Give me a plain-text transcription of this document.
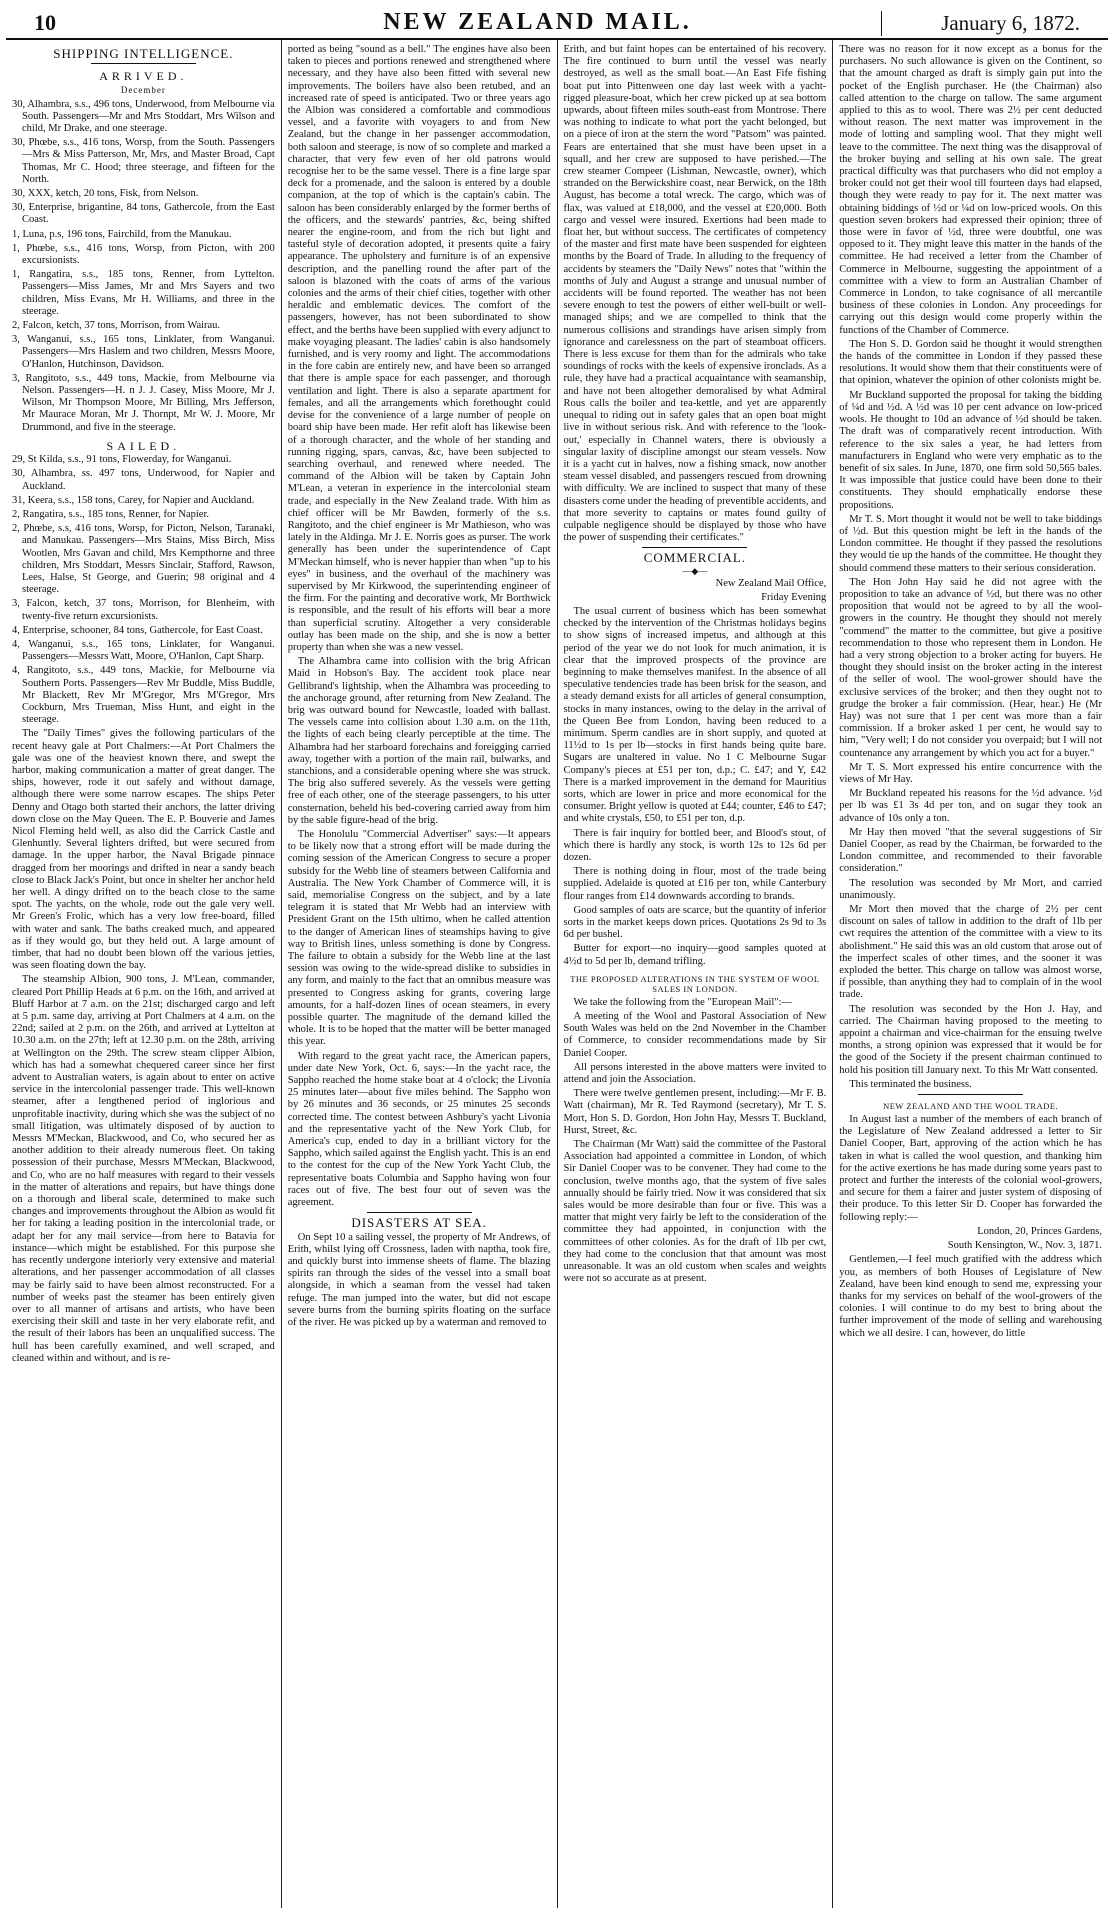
10	NEW ZEALAND MAIL.	January 6, 1872.
SHIPPING INTELLIGENCE.
ARRIVED.
December

30, Alhambra, s.s., 496 tons, Underwood, from Melbourne via South. Passengers—Mr and Mrs Stoddart, Mrs Wilson and child, Mr Drake, and one steerage.

30, Phœbe, s.s., 416 tons, Worsp, from the South. Passengers—Mrs & Miss Patterson, Mr, Mrs, and Master Broad, Capt Thomas, Mr C. Hood; three steerage, and fifteen for the North.

30, XXX, ketch, 20 tons, Fisk, from Nelson.

30, Enterprise, brigantine, 84 tons, Gathercole, from the East Coast.

1, Luna, p.s, 196 tons, Fairchild, from the Manukau.

1, Phœbe, s.s., 416 tons, Worsp, from Picton, with 200 excursionists.

1, Rangatira, s.s., 185 tons, Renner, from Lyttelton. Passengers—Miss James, Mr and Mrs Sayers and two children, Miss Evans, Mr H. Williams, and three in the steerage.

2, Falcon, ketch, 37 tons, Morrison, from Wairau.

3, Wanganui, s.s., 165 tons, Linklater, from Wanganui. Passengers—Mrs Haslem and two children, Messrs Moore, O'Hanlon, Hutchinson, Davidson.

3, Rangitoto, s.s., 449 tons, Mackie, from Melbourne via Nelson. Passengers—H. n J. J. Casey, Miss Moore, Mr J. Wilson, Mr Thompson Moore, Mr Billing, Mrs Jefferson, Mr Maurace Moran, Mr J. Thornpt, Mr W. J. Moore, Mr Drummond, and five in the steerage.

SAILED.

29, St Kilda, s.s., 91 tons, Flowerday, for Wanganui.

30, Alhambra, ss. 497 tons, Underwood, for Napier and Auckland.

31, Keera, s.s., 158 tons, Carey, for Napier and Auckland.

2, Rangatira, s.s., 185 tons, Renner, for Napier.

2, Phœbe, s.s, 416 tons, Worsp, for Picton, Nelson, Taranaki, and Manukau. Passengers—Mrs Stains, Miss Birch, Miss Wootlen, Mrs Gavan and child, Mrs Kempthorne and three children, Mrs Stoddart, Messrs Sinclair, Stafford, Rawson, Lees, Halse, St George, and Guerin; 98 original and 4 steerage.

3, Falcon, ketch, 37 tons, Morrison, for Blenheim, with twenty-five return excursionists.

4, Enterprise, schooner, 84 tons, Gathercole, for East Coast.

4, Wanganui, s.s., 165 tons, Linklater, for Wanganui. Passengers—Messrs Watt, Moore, O'Hanlon, Capt Sharp.

4, Rangitoto, s.s., 449 tons, Mackie, for Melbourne via Southern Ports. Passengers—Rev Mr Buddle, Miss Buddle, Mr Blackett, Rev Mr M'Gregor, Mrs M'Gregor, Mrs Cockburn, Mrs Trueman, Miss Hunt, and eight in the steerage.

The "Daily Times" gives the following particulars of the recent heavy gale at Port Chalmers:—At Port Chalmers the gale was one of the heaviest known there, and swept the harbor, making communication a matter of great danger. The ships, however, rode it out safely and without damage, although there were some narrow escapes. The ships Peter Denny and Otago both started their anchors, the latter driving down close on the May Queen. The E. P. Bouverie and James Nicol Fleming held well, as also did the Carrick Castle and Glenhuntly. Several lighters drifted, but were secured from damage. In the upper harbor, the Naval Brigade pinnace dragged from her moorings and drifted in near a sandy beach close to Black Jack's Point, but once in shelter her anchor held her well. A dingy drifted on to the beach close to the same spot. The yachts, on the whole, rode out the gale very well. Mr Green's Frolic, which has a very low free-board, filled with water and sank. The baths creaked much, and appeared as if they would go, but they held out. A large amount of timber, that had no doubt been blown off the various jetties, was seen floating down the bay.

The steamship Albion, 900 tons, J. M'Lean, commander, cleared Port Phillip Heads at 6 p.m. on the 16th, and arrived at Bluff Harbor at 7 a.m. on the 21st; discharged cargo and left at 5 p.m. same day, arriving at Port Chalmers at 4 a.m. on the 22nd; sailed at 2 p.m. on the 26th, and arrived at Lyttelton at 10.30 a.m. on the 27th; left at 12.30 p.m. on the 28th, arriving at Wellington on the 29th. The screw steam clipper Albion, which has had a somewhat chequered career since her first advent to Australian waters, is again about to enter on active service in the intercolonial passenger trade. This well-known steamer, after a lengthened period of inglorious and unprofitable inactivity, during which she was the subject of no small litigation, was ultimately disposed of by auction to Messrs M'Meckan, Blackwood, and Co, who secured her as another addition to their already numerous fleet. On taking possession of their purchase, Messrs M'Meckan, Blackwood, and Co, who are no half measures with regard to their vessels in the matter of alterations and repairs, but have things done on a thorough and liberal scale, determined to make such changes and improvements throughout the Albion as would fit her for taking a leading position in the intercolonial trade, or adapt her for any mail service—from here to Batavia for instance—which might be established. For this purpose she has recently undergone interiorly very extensive and material alterations, and her passenger accommodation of all classes may be fairly said to have been almost reconstructed. For a number of weeks past the steamer has been entirely given over to all manner of artisans and artists, who have been exercising their skill and taste in her very elaborate refit, and the result of their labors has been an unqualified success. The hull has been carefully examined, and well scraped, and cleaned within and without, and is re-

ported as being "sound as a bell." The engines have also been taken to pieces and portions renewed and strengthened where necessary, and they have also been fitted with several new improvements. The boilers have also been retubed, and an increased rate of speed is anticipated. Two or three years ago the Albion was considered a comfortable and commodious vessel, and a favorite with voyagers to and from New Zealand, but the change in her passenger accommodation, both saloon and steerage, is now of so complete and marked a character, that very few even of her old patrons would recognise her to be the same vessel. There is a fine large spar deck for a promenade, and the saloon is entered by a double companion, at the top of which is the captain's cabin. The saloon has been considerably enlarged by the former berths of the officers, and the stewards' pantries, &c, being shifted nearer the engine-room, and from the rich but light and tasteful style of decoration adopted, it presents quite a fairy appearance. The upholstery and furniture is of an expensive description, and the panelling round the after part of the saloon is blazoned with the coats of arms of the various colonies and the arms of their chief cities, together with other heraldic and emblematic devices. The comfort of the passengers, however, has not been subordinated to show effect, and the berths have been supplied with every adjunct to make voyaging pleasant. The ladies' cabin is also handsomely furnished, and is very roomy and light. The accommodations in the fore cabin are entirely new, and have been so arranged that there is ample space for each passenger, and thorough ventilation and light. There is also a separate apartment for females, and all the arrangements which forethought could devise for the convenience of a large number of people on board ship have been made. Her refit aloft has likewise been of a thorough character, and the whole of her standing and running rigging, spars, canvas, &c, have been subjected to searching overhaul, and renewed where needed. The command of the Albion will be taken by Captain John M'Lean, a veteran in experience in the intercolonial steam trade, and especially in the New Zealand trade. With him as chief officer will be Mr Bawden, formerly of the s.s. Rangitoto, and the chief engineer is Mr Mathieson, who was lately in the Aldinga. Mr J. E. Norris goes as purser. The work generally has been under the superintendence of Capt M'Meckan himself, who is never happier than when "up to his eyes" in business, and the overhaul of the machinery was supervised by Mr Kirkwood, the superintending engineer of the firm. For the painting and decorative work, Mr Borthwick is responsible, and the result of his efforts will bear a more than superficial scrutiny. Altogether a very considerable outlay has been made on the ship, and she is now a better property than when she was a new vessel.

The Alhambra came into collision with the brig African Maid in Hobson's Bay. The accident took place near Gellibrand's lightship, when the Alhambra was proceeding to the anchorage ground, after returning from New Zealand. The brig was outward bound for Newcastle, loaded with ballast. The vessels came into collision about 1.30 a.m. on the 11th, the lights of each being clearly perceptible at the time. The Alhambra had her starboard forechains and foreigging carried away, together with a portion of the main rail, bulwarks, and stanchions, and a considerable opening where she was struck. The brig also suffered severely. As the vessels were getting free of each other, one of the steerage passengers, to his utter consternation, beheld his bed-covering carried away from him by the sable figure-head of the brig.

The Honolulu "Commercial Advertiser" says:—It appears to be likely now that a strong effort will be made during the coming session of the American Congress to secure a proper subsidy for the Webb line of steamers between California and Australia. The New York Chamber of Commerce will, it is said, memorialise Congress on the subject, and by a late telegram it is stated that Mr Webb had an interview with President Grant on the 15th ultimo, when he called attention to the danger of American lines of steamships having to give way to British lines, unless something is done by Congress. The failure to obtain a subsidy for the Webb line at the last session was owing to the wide-spread dislike to subsidies in any form, and mainly to the fact that an omnibus measure was presented to Congress asking for grants, covering large amounts, for a half-dozen lines of ocean steamers, in every possible quarter. The magnitude of the demand killed the whole. It is to be hoped that the matter will be better managed this year.

With regard to the great yacht race, the American papers, under date New York, Oct. 6, says:—In the yacht race, the Sappho reached the home stake boat at 4 o'clock; the Livonia 25 minutes later—about five miles behind. The Sappho won by 26 minutes and 36 seconds, or 25 minutes 25 seconds corrected time. The contest between Ashbury's yacht Livonia and the representative yacht of the New York Club, for America's cup, ended to day in a brilliant victory for the Sappho, which sailed against the English yacht. This is an end to the contest for the cup of the New York Yacht Club, the representative boats Columbia and Sappho having won four races out of five. The best four out of seven was the agreement.

DISASTERS AT SEA.

On Sept 10 a sailing vessel, the property of Mr Andrews, of Erith, whilst lying off Crossness, laden with naptha, took fire, and quickly burst into immense sheets of flame. The blazing spirits ran through the sides of the vessel into a small boat alongside, in which a seaman from the vessel had taken refuge. The man jumped into the water, but did not escape severe burns from the burning spirits floating on the surface of the river. He was picked up by a waterman and removed to

Erith, and but faint hopes can be entertained of his recovery. The fire continued to burn until the vessel was nearly destroyed, as well as the small boat.—An East Fife fishing boat put into Pittenween one day last week with a yacht-rigged pleasure-boat, which her crew picked up at sea bottom upwards, about fifteen miles south-east from Montrose. There was nothing to indicate to what port the yacht belonged, but on a piece of iron at the stern the word "Patsom" was painted. Fears are entertained that she must have been upset in a squall, and her crew are supposed to have perished.—The crew steamer Compeer (Lishman, Newcastle, owner), which stranded on the Berwickshire coast, near Berwick, on the 18th August, has become a total wreck. The cargo, which was of flax, was valued at £18,000, and the vessel at £20,000. Both cargo and vessel were insured. Exertions had been made to float her, but without success. The certificates of competency of the master and first mate have been suspended for eighteen months by the Board of Trade. In alluding to the frequency of accidents by steamers the "Daily News" notes that "within the months of July and August a strange and unusual number of accidents will be found reported. The weather has not been severe enough to test the powers of either well-built or well-managed ships; and we are compelled to think that the numerous collisions and strandings have arisen simply from ignorance and carelessness on the part of steamboat officers. There is less excuse for them than for the admirals who take soundings of rocks with the keels of expensive ironclads. As a rule, they have had a practical acquaintance with seamanship, and have not been altogether demoralised by what Admiral Rous calls the boiler and tea-kettle, and yet are apparently unequal to riding out in safety gales that an open boat might live in without serious risk. And with reference to the 'look-out,' especially in Channel waters, there is obviously a singular laxity of discipline amongst our steam vessels. Now it is a yacht cut in halves, now a fishing smack, now another steam vessel disabled, and passengers rescued from drowning with difficulty. We are inclined to suspect that many of these disasters come under the heading of preventible accidents, and that more severity to captains or mates found guilty of culpable negligence should be displayed by those who have the power of suspending their certificates."

COMMERCIAL.
—◆—

New Zealand Mail Office,

Friday Evening

The usual current of business which has been somewhat checked by the intervention of the Christmas holidays begins to show signs of increased impetus, and although at this period of the year we do not look for much animation, it is clear that the improved prospects of the province are beginning to make themselves manifest. In the absence of all speculative tendencies trade has been brisk for the season, and a steady demand exists for all articles of general consumption, stocks in many instances, owing to the delay in the arrival of the Queen Bee from London, having been reduced to a minimum. Sperm candles are in short supply, and quoted at 11½d to 1s per lb—stocks in first hands being quite bare. Sugars are unaltered in value. No 1 C Melbourne Sugar Company's pieces at £51 per ton, d.p.; C. £47; and Y, £42 There is a marked improvement in the demand for Mauritius sorts, which are lower in price and more economical for the consumer. Bright yellow is quoted at £44; counter, £46 to £47; and white crystals, £50, to £51 per ton, d.p.

There is fair inquiry for bottled beer, and Blood's stout, of which there is hardly any stock, is worth 12s to 12s 6d per dozen.

There is nothing doing in flour, most of the trade being supplied. Adelaide is quoted at £16 per ton, while Canterbury flour ranges from £14 downwards according to brands.

Good samples of oats are scarce, but the quantity of inferior sorts in the market keeps down prices. Quotations 2s 9d to 3s 6d per bushel.

Butter for export—no inquiry—good samples quoted at 4½d to 5d per lb, demand trifling.

THE PROPOSED ALTERATIONS IN THE SYSTEM OF WOOL SALES IN LONDON.

We take the following from the "European Mail":—

A meeting of the Wool and Pastoral Association of New South Wales was held on the 2nd November in the Chamber of Commerce, to consider recommendations made by Sir Daniel Cooper.

All persons interested in the above matters were invited to attend and join the Association.

There were twelve gentlemen present, including:—Mr F. B. Watt (chairman), Mr R. Ted Raymond (secretary), Mr T. S. Mort, Hon S. D. Gordon, Hon John Hay, Messrs T. Buckland, Hurst, Street, &c.

The Chairman (Mr Watt) said the committee of the Pastoral Association had appointed a committee in London, of which Sir Daniel Cooper was to be convener. They had come to the conclusion, twelve months ago, that the system of five sales annually should be fairly tried. Now it was considered that six sales would be more desirable than four or five. This was a matter that might very fairly be left to the consideration of the committee they had appointed, in conjunction with the committees of other colonies. As for the draft of 1lb per cwt, they had come to the conclusion that that amount was most unreasonable. It was an old custom when scales and weights were not so accurate as at present.

There was no reason for it now except as a bonus for the purchasers. No such allowance is given on the Continent, so that the amount charged as draft is simply gain put into the pocket of the English purchaser. He (the Chairman) also called attention to the charge on tallow. The same argument applied to this as to wool. There was 2½ per cent deducted without reason. The next matter was improvement in the mode of lotting and sampling wool. That they might well leave to the committee. The next thing was the disapproval of the broker buying and selling at his own sale. The great practical difficulty was that purchasers who did not employ a broker could not get their wool till fourteen days had elapsed, though they were ready to pay for it. The next matter was obtaining biddings of ½d or ¼d on low-priced wools. On this question seven brokers had expressed their opinion; three of those were in favor of ½d, three were doubtful, one was opposed to it. They might leave this matter in the hands of the committee. He had received a letter from the Chamber of Commerce in Melbourne, suggesting the appointment of a committee with a view to form an Australian Chamber of Commerce in London, to take cognisance of all mercantile business of these colonies in London. Any proceedings for carrying out this design would come properly within the functions of the Chamber of Commerce.

The Hon S. D. Gordon said he thought it would strengthen the hands of the committee in London if they passed these resolutions. It would show them that their constituents were of that opinion, whatever the opinion of other colonists might be.

Mr Buckland supported the proposal for taking the bidding of ¼d and ½d. A ½d was 10 per cent advance on low-priced wools. He thought to 10d an advance of ½d should be taken. The draft was of comparatively recent introduction. With reference to the six sales a year, he had letters from manufacturers in England who were very emphatic as to the benefit of six sales. In June, 1870, one firm sold 50,565 bales. It was impossible that justice could have been done to their constituents. They should emphatically endorse these propositions.

Mr T. S. Mort thought it would not be well to take biddings of ½d. But this question might be left in the hands of the London committee. He thought if they passed the resolutions they would tie up the hands of the committee. He thought they should commend these matters to their serious consideration.

The Hon John Hay said he did not agree with the proposition to take an advance of ½d, but there was no other proposition that would not be agreed to by all the wool-growers in the country. He thought they should not merely "commend" the matter to the committee, but give a positive recommendation to those who represent them in London. He had a very strong objection to a broker acting for buyers. He thought they should insist on the broker acting in the interest of the seller of wool. The wool-grower should have the exclusive services of the broker; and then they ought not to grudge the broker a fair commission. (Hear, hear.) He (Mr Hay) was not sure that 1 per cent was more than a fair commission. If a broker asked 1 per cent, he would say to him, "Very well; I do not consider you overpaid; but I will not countenance any arrangement by which you act for a buyer."

Mr T. S. Mort expressed his entire concurrence with the views of Mr Hay.

Mr Buckland repeated his reasons for the ½d advance. ½d per lb was £1 3s 4d per ton, and on sugar they took an advance of 10s only a ton.

Mr Hay then moved "that the several suggestions of Sir Daniel Cooper, as read by the Chairman, be forwarded to the London committee, and recommended to their favorable consideration."

The resolution was seconded by Mr Mort, and carried unanimously.

Mr Mort then moved that the charge of 2½ per cent discount on sales of tallow in addition to the draft of 1lb per cwt requires the attention of the committee with a view to its abolishment." He said this was an old custom that arose out of the imperfect scales of other times, and the sooner it was exploded the better. This charge on tallow was almost worse, if possible, than anything they had to complain of in the wool trade.

The resolution was seconded by the Hon J. Hay, and carried. The Chairman having proposed to the meeting to appoint a chairman and vice-chairman for the ensuing twelve months, a strong opinion was expressed that it would be for the good of the Society if the present chairman continued to hold his position till January next. To this Mr Watt consented.

This terminated the business.

NEW ZEALAND AND THE WOOL TRADE.

In August last a number of the members of each branch of the Legislature of New Zealand addressed a letter to Sir Daniel Cooper, Bart, approving of the action which he has taken in what is called the wool question, and thanking him for the active exertions he has made during some years past to protect and further the interests of the colonial wool-growers, and secure for them a fairer and juster system of disposing of their produce. To this letter Sir D. Cooper has forwarded the following reply:—

London, 20, Princes Gardens,

South Kensington, W., Nov. 3, 1871.

Gentlemen,—I feel much gratified with the address which you, as members of both Houses of Legislature of New Zealand, have been kind enough to send me, expressing your thanks for my services on behalf of the wool-growers of the colonies. I will continue to do my best to bring about the further improvement of the mode of selling and warehousing which we all desire. I can, however, do little
